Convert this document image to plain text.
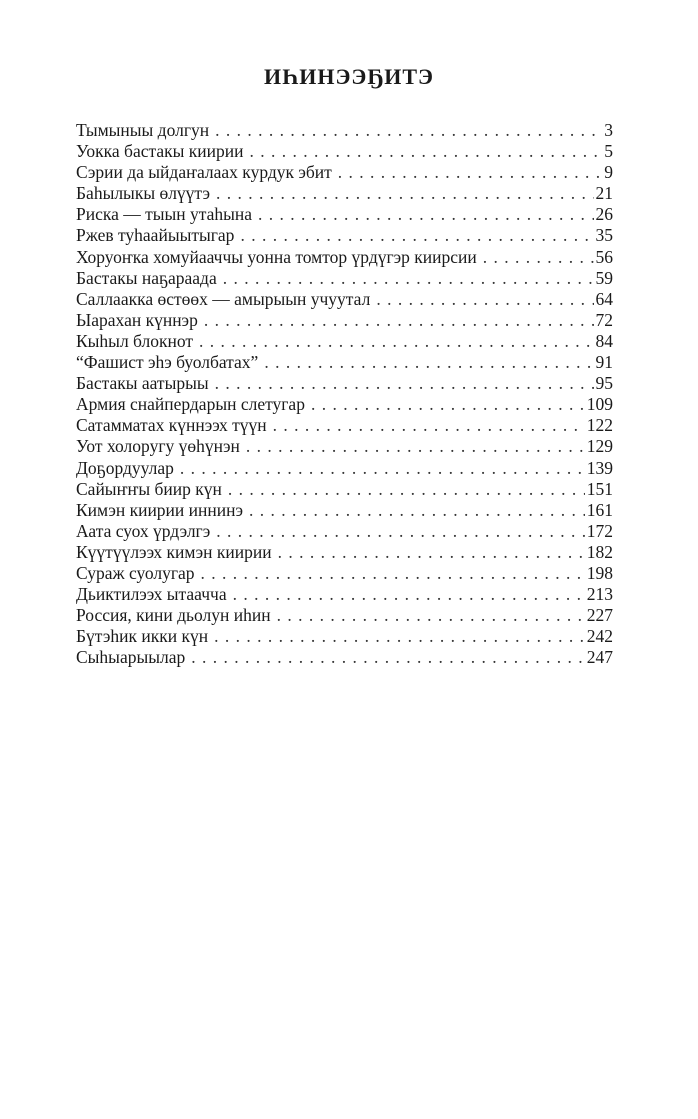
ИҺИНЭЭҔИТЭ
Тымыныы долгун . . .	3
Уокка бастакы киирии . . .	5
Сэрии да ыйдаҥалаах курдук эбит . . .	9
Баһылыкы өлүүтэ . . .	21
Риска — тыын утаһына . . .	26
Ржев туһаайыытыгар . . .	35
Хоруоҥка хомуйааччы уонна томтор үрдүгэр киирсии . . .	56
Бастакы наҕараада . . .	59
Саллаакка өстөөх — амырыын учуутал . . .	64
Ыарахан күннэр . . .	72
Кыһыл блокнот . . .	84
“Фашист эһэ буолбатах” . . .	91
Бастакы аатырыы . . .	95
Армия снайпердарын слетугар . . .	109
Сатамматах күннээх түүн . . .	122
Уот холоругу үөһүнэн . . .	129
Доҕордуулар . . .	139
Сайыҥҥы биир күн . . .	151
Кимэн киирии иннинэ . . .	161
Аата суох үрдэлгэ . . .	172
Күүтүүлээх кимэн киирии . . .	182
Сураж суолугар . . .	198
Дьиктилээх ытаачча . . .	213
Россия, кини дьолун иһин . . .	227
Бүтэһик икки күн . . .	242
Сыһыарыылар . . .	247
